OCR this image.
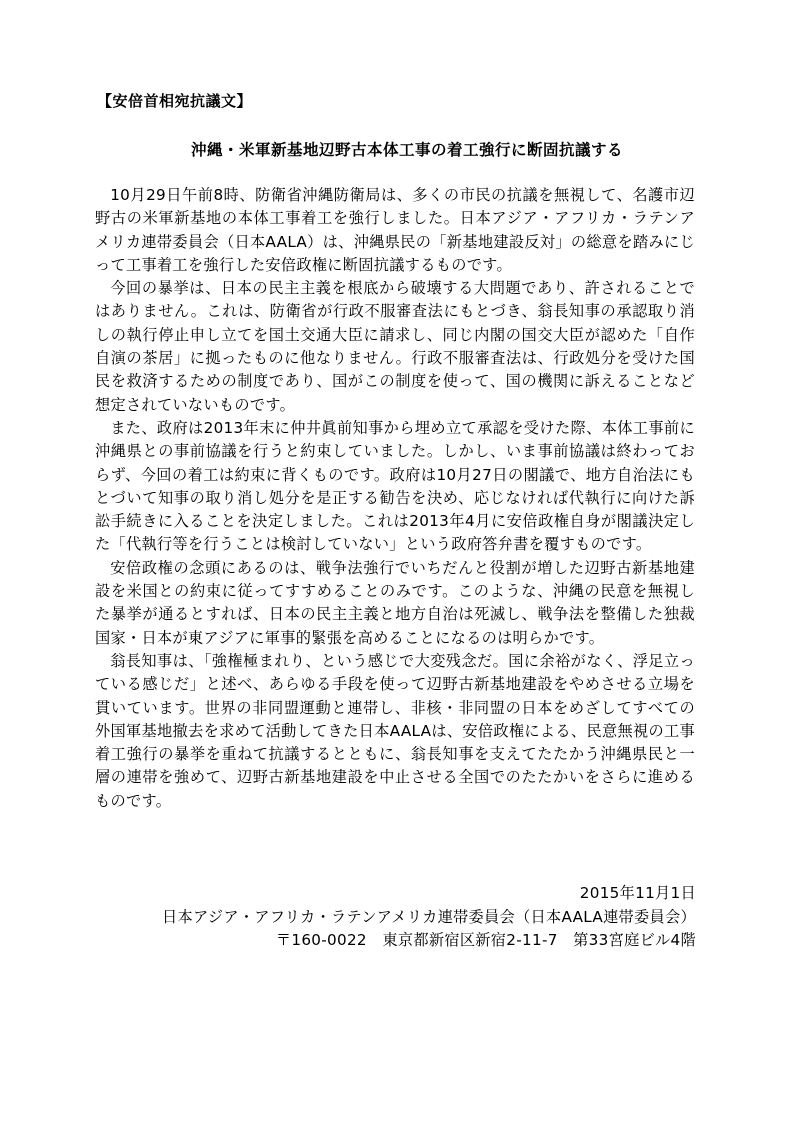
【安倍首相宛抗議文】
沖縄・米軍新基地辺野古本体工事の着工強行に断固抗議する

10月29日午前8時、防衛省沖縄防衛局は、多くの市民の抗議を無視して、名護市辺野古の米軍新基地の本体工事着工を強行しました。日本アジア・アフリカ・ラテンアメリカ連帯委員会（日本AALA）は、沖縄県民の「新基地建設反対」の総意を踏みにじって工事着工を強行した安倍政権に断固抗議するものです。

今回の暴挙は、日本の民主主義を根底から破壊する大問題であり、許されることではありません。これは、防衛省が行政不服審査法にもとづき、翁長知事の承認取り消しの執行停止申し立てを国土交通大臣に請求し、同じ内閣の国交大臣が認めた「自作自演の茶居」に拠ったものに他なりません。行政不服審査法は、行政処分を受けた国民を救済するための制度であり、国がこの制度を使って、国の機関に訴えることなど想定されていないものです。

また、政府は2013年末に仲井眞前知事から埋め立て承認を受けた際、本体工事前に沖縄県との事前協議を行うと約束していました。しかし、いま事前協議は終わっておらず、今回の着工は約束に背くものです。政府は10月27日の閣議で、地方自治法にもとづいて知事の取り消し処分を是正する勧告を決め、応じなければ代執行に向けた訴訟手続きに入ることを決定しました。これは2013年4月に安倍政権自身が閣議決定した「代執行等を行うことは検討していない」という政府答弁書を覆すものです。

安倍政権の念頭にあるのは、戦争法強行でいちだんと役割が増した辺野古新基地建設を米国との約束に従ってすすめることのみです。このような、沖縄の民意を無視した暴挙が通るとすれば、日本の民主主義と地方自治は死滅し、戦争法を整備した独裁国家・日本が東アジアに軍事的緊張を高めることになるのは明らかです。

翁長知事は、「強権極まれり、という感じで大変残念だ。国に余裕がなく、浮足立っている感じだ」と述べ、あらゆる手段を使って辺野古新基地建設をやめさせる立場を貫いています。世界の非同盟運動と連帯し、非核・非同盟の日本をめざしてすべての外国軍基地撤去を求めて活動してきた日本AALAは、安倍政権による、民意無視の工事着工強行の暴挙を重ねて抗議するとともに、翁長知事を支えてたたかう沖縄県民と一層の連帯を強めて、辺野古新基地建設を中止させる全国でのたたかいをさらに進めるものです。

2015年11月1日
日本アジア・アフリカ・ラテンアメリカ連帯委員会（日本AALA連帯委員会）
〒160-0022　東京都新宿区新宿2-11-7　第33宮庭ビル4階
